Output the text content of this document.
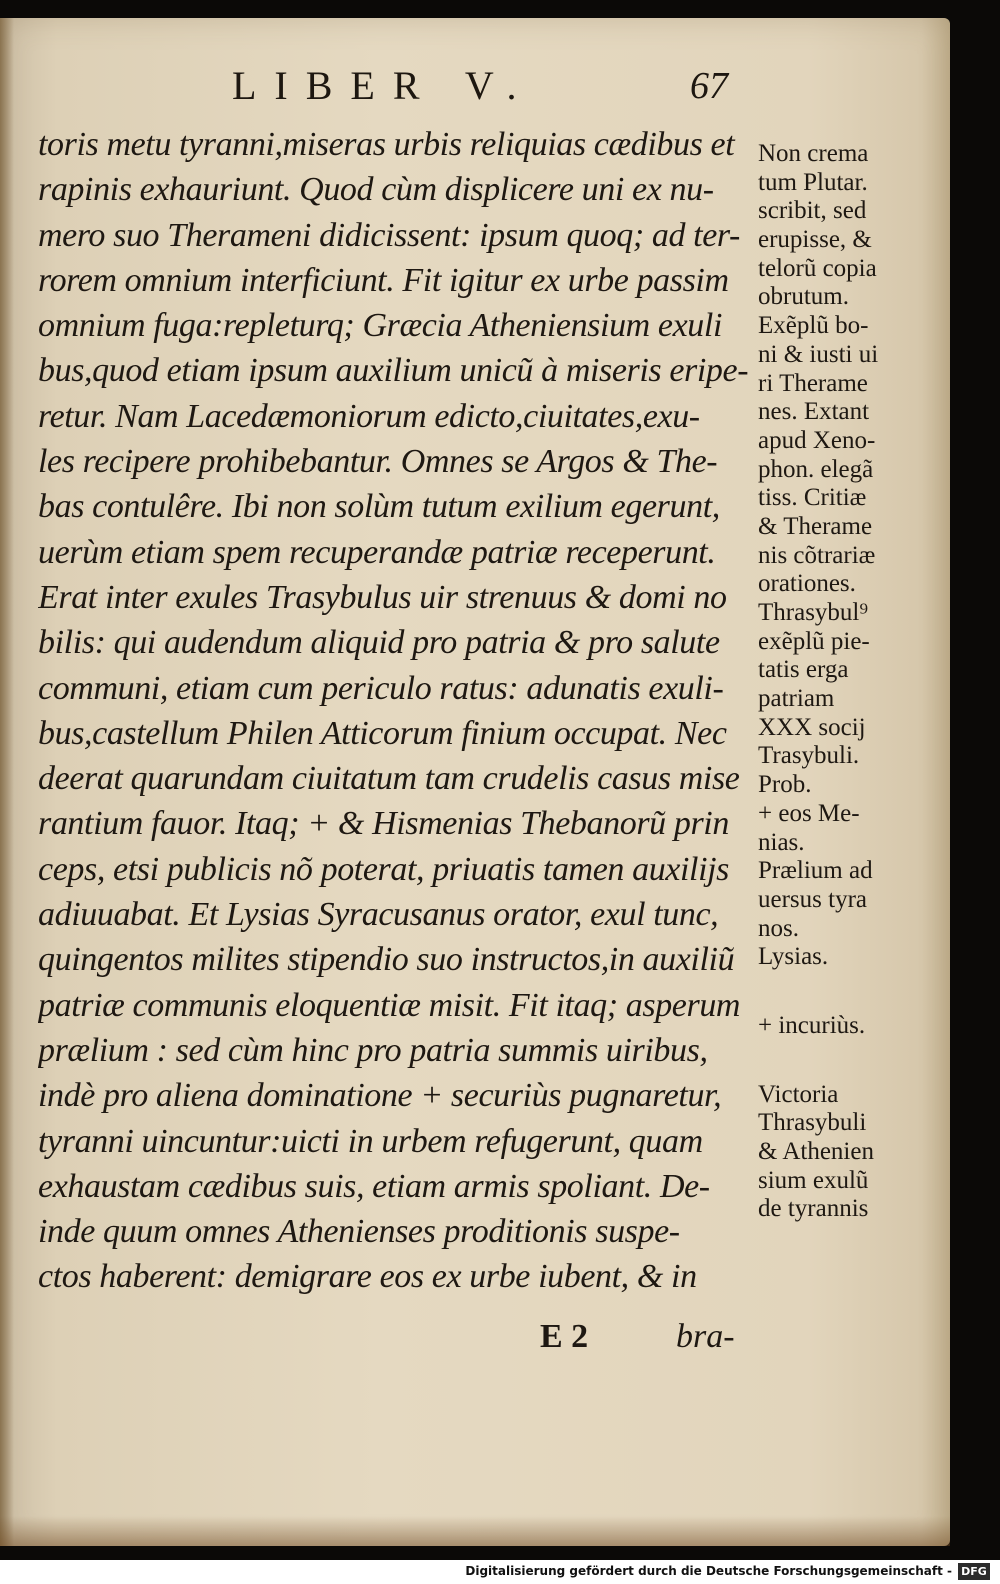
LIBER V.	67
toris metu tyranni,miseras urbis reliquias cædibus et
rapinis exhauriunt. Quod cùm displicere uni ex nu-
mero suo Therameni didicissent: ipsum quoq; ad ter-
rorem omnium interficiunt. Fit igitur ex urbe passim
omnium fuga:repleturq; Græcia Atheniensium exuli
bus,quod etiam ipsum auxilium unicũ à miseris eripe-
retur. Nam Lacedæmoniorum edicto,ciuitates,exu-
les recipere prohibebantur. Omnes se Argos & The-
bas contulêre. Ibi non solùm tutum exilium egerunt,
uerùm etiam spem recuperandæ patriæ receperunt.
Erat inter exules Trasybulus uir strenuus & domi no
bilis: qui audendum aliquid pro patria & pro salute
communi, etiam cum periculo ratus: adunatis exuli-
bus,castellum Philen Atticorum finium occupat. Nec
deerat quarundam ciuitatum tam crudelis casus mise
rantium fauor. Itaq; + & Hismenias Thebanorũ prin
ceps, etsi publicis nõ poterat, priuatis tamen auxilijs
adiuuabat. Et Lysias Syracusanus orator, exul tunc,
quingentos milites stipendio suo instructos,in auxiliũ
patriæ communis eloquentiæ misit. Fit itaq; asperum
prælium : sed cùm hinc pro patria summis uiribus,
indè pro aliena dominatione + securiùs pugnaretur,
tyranni uincuntur:uicti in urbem refugerunt, quam
exhaustam cædibus suis, etiam armis spoliant. De-
inde quum omnes Athenienses proditionis suspe-
ctos haberent: demigrare eos ex urbe iubent, & in
Non crema
tum Plutar.
scribit, sed
erupisse, &
telorũ copia
obrutum.
Exẽplũ bo-
ni & iusti ui
ri Therame
nes. Extant
apud Xeno-
phon. elegã
tiss. Critiæ
& Therame
nis cõtrariæ
orationes.
Thrasybul⁹
exẽplũ pie-
tatis erga
patriam
XXX socij
Trasybuli.
Prob.
+ eos Me-
nias.
Prælium ad
uersus tyra
nos.
Lysias.
+ incuriùs.
Victoria
Thrasybuli
& Athenien
sium exulũ
de tyrannis
E 2	bra-
Digitalisierung gefördert durch die Deutsche Forschungsgemeinschaft - DFG
